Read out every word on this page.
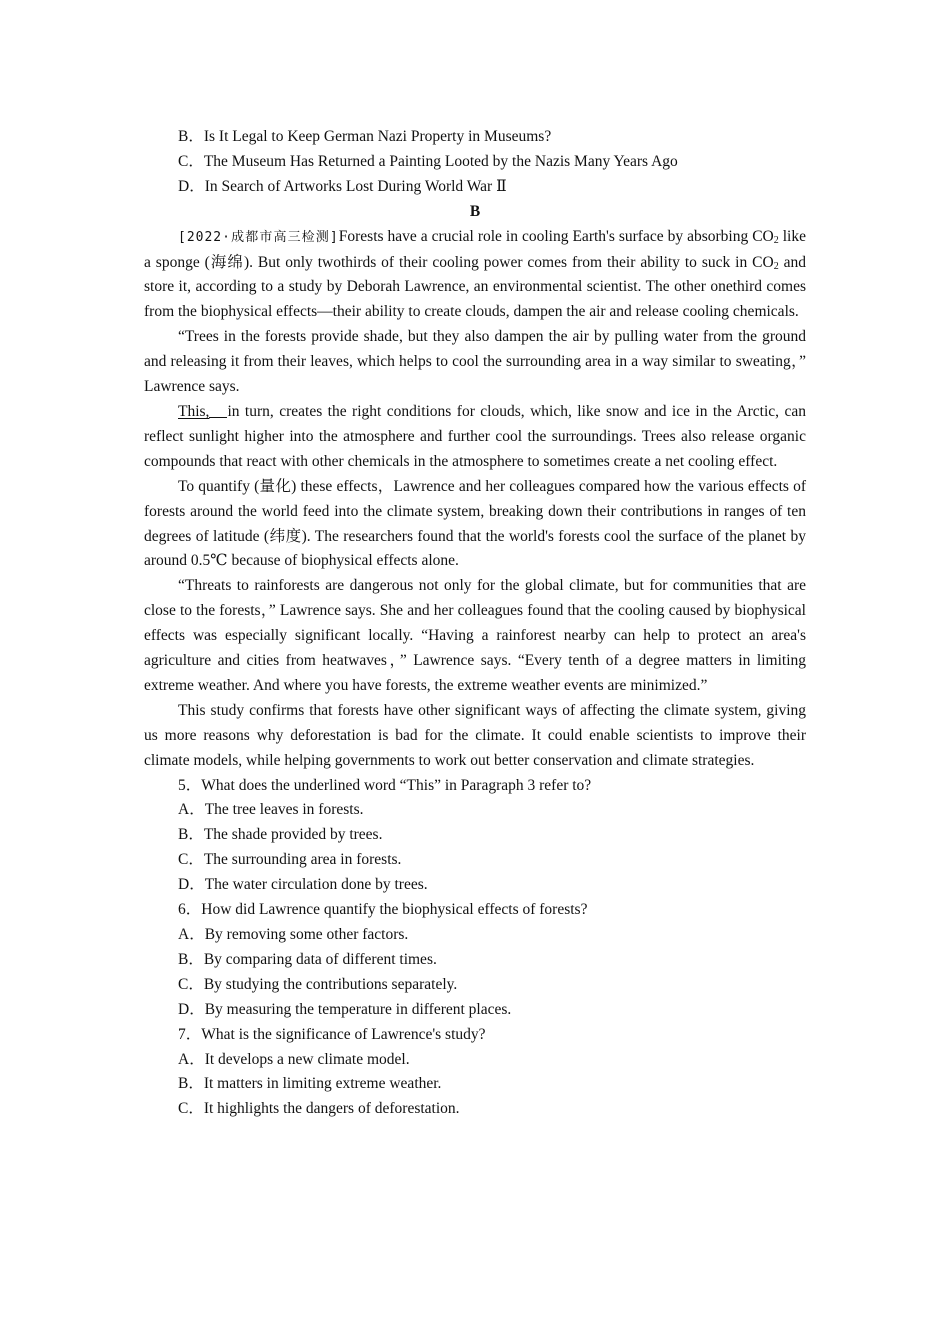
B．Is It Legal to Keep German Nazi Property in Museums?

C．The Museum Has Returned a Painting Looted by the Nazis Many Years Ago

D．In Search of Artworks Lost During World War Ⅱ

B

[2022·成都市高三检测]Forests have a crucial role in cooling Earth's surface by absorbing $CO_2$ like a sponge (海绵). But only twothirds of their cooling power comes from their ability to suck in $CO_2$ and store it, according to a study by Deborah Lawrence, an environmental scientist. The other onethird comes from the biophysical effects—their ability to create clouds, dampen the air and release cooling chemicals.

“Trees in the forests provide shade, but they also dampen the air by pulling water from the ground and releasing it from their leaves, which helps to cool the surrounding area in a way similar to sweating，” Lawrence says.

This, in turn, creates the right conditions for clouds, which, like snow and ice in the Arctic, can reflect sunlight higher into the atmosphere and further cool the surroundings. Trees also release organic compounds that react with other chemicals in the atmosphere to sometimes create a net cooling effect.

To quantify (量化) these effects，Lawrence and her colleagues compared how the various effects of forests around the world feed into the climate system, breaking down their contributions in ranges of ten degrees of latitude (纬度). The researchers found that the world's forests cool the surface of the planet by around 0.5℃ because of biophysical effects alone.

“Threats to rainforests are dangerous not only for the global climate, but for communities that are close to the forests，” Lawrence says. She and her colleagues found that the cooling caused by biophysical effects was especially significant locally. “Having a rainforest nearby can help to protect an area's agriculture and cities from heatwaves，” Lawrence says. “Every tenth of a degree matters in limiting extreme weather. And where you have forests, the extreme weather events are minimized.”

This study confirms that forests have other significant ways of affecting the climate system, giving us more reasons why deforestation is bad for the climate. It could enable scientists to improve their climate models, while helping governments to work out better conservation and climate strategies.

5．What does the underlined word “This” in Paragraph 3 refer to?

A．The tree leaves in forests.

B．The shade provided by trees.

C．The surrounding area in forests.

D．The water circulation done by trees.

6．How did Lawrence quantify the biophysical effects of forests?

A．By removing some other factors.

B．By comparing data of different times.

C．By studying the contributions separately.

D．By measuring the temperature in different places.

7．What is the significance of Lawrence's study?

A．It develops a new climate model.

B．It matters in limiting extreme weather.

C．It highlights the dangers of deforestation.
